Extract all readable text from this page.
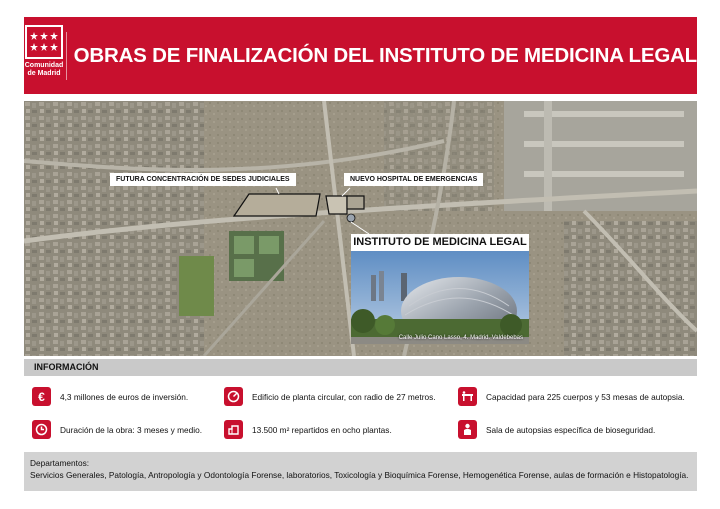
Comunidad
de Madrid
OBRAS DE FINALIZACIÓN DEL INSTITUTO DE MEDICINA LEGAL
FUTURA CONCENTRACIÓN DE SEDES JUDICIALES	NUEVO HOSPITAL DE EMERGENCIAS
INSTITUTO DE MEDICINA LEGAL
Calle Julio Cano Lasso, 4. Madrid. Valdebebas
INFORMACIÓN
€ 4,3 millones de euros de inversión.	Edificio de planta circular, con radio de 27 metros.	Capacidad para 225 cuerpos y 53 mesas de autopsia.
Duración de la obra: 3 meses y medio.	13.500 m² repartidos en ocho plantas.	Sala de autopsias específica de bioseguridad.
Departamentos:
Servicios Generales, Patología, Antropología y Odontología Forense, laboratorios, Toxicología y Bioquímica Forense, Hemogenética Forense, aulas de formación e Histopatología.
